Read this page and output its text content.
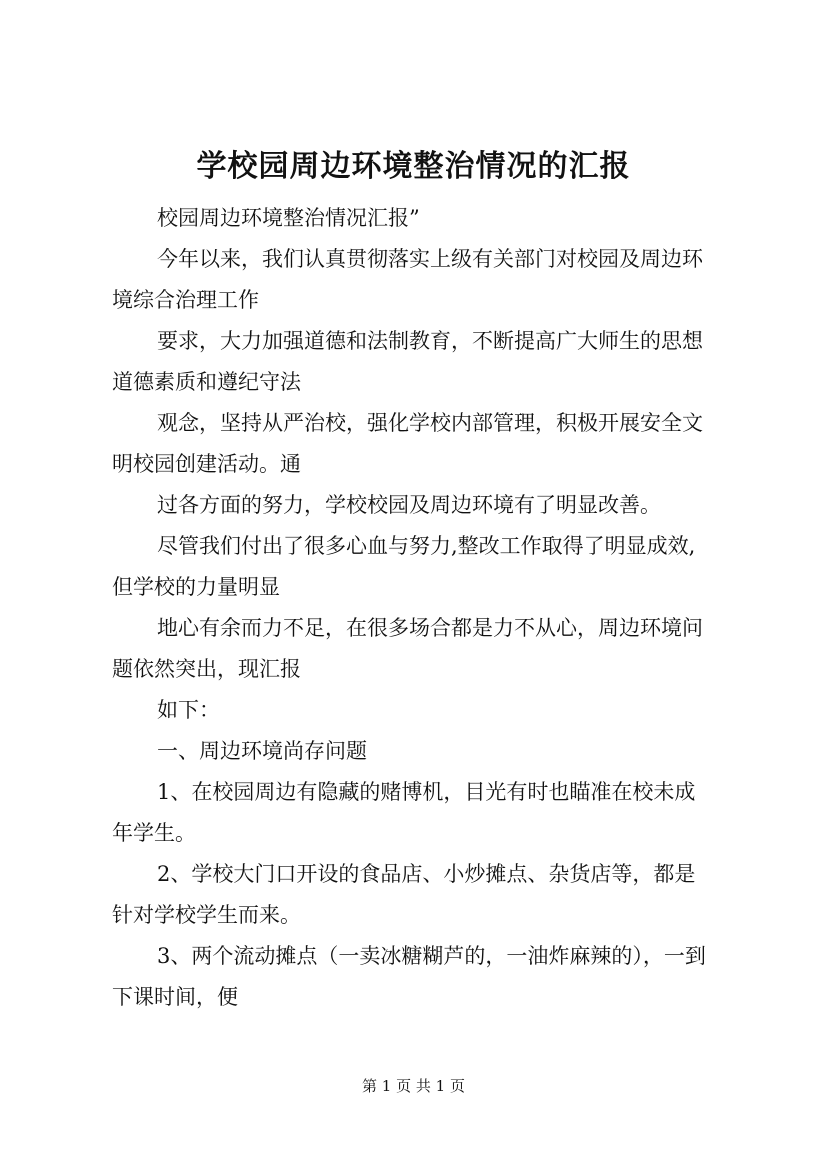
学校园周边环境整治情况的汇报
校园周边环境整治情况汇报”
今年以来，我们认真贯彻落实上级有关部门对校园及周边环
境综合治理工作
要求，大力加强道德和法制教育，不断提高广大师生的思想
道德素质和遵纪守法
观念，坚持从严治校，强化学校内部管理，积极开展安全文
明校园创建活动。通
过各方面的努力，学校校园及周边环境有了明显改善。
尽管我们付出了很多心血与努力,整改工作取得了明显成效,
但学校的力量明显
地心有余而力不足，在很多场合都是力不从心，周边环境问
题依然突出，现汇报
如下：
一、周边环境尚存问题
1、在校园周边有隐藏的赌博机，目光有时也瞄准在校未成
年学生。
2、学校大门口开设的食品店、小炒摊点、杂货店等，都是
针对学校学生而来。
3、两个流动摊点（一卖冰糖糊芦的，一油炸麻辣的），一到
下课时间，便
第 1 页 共 1 页
